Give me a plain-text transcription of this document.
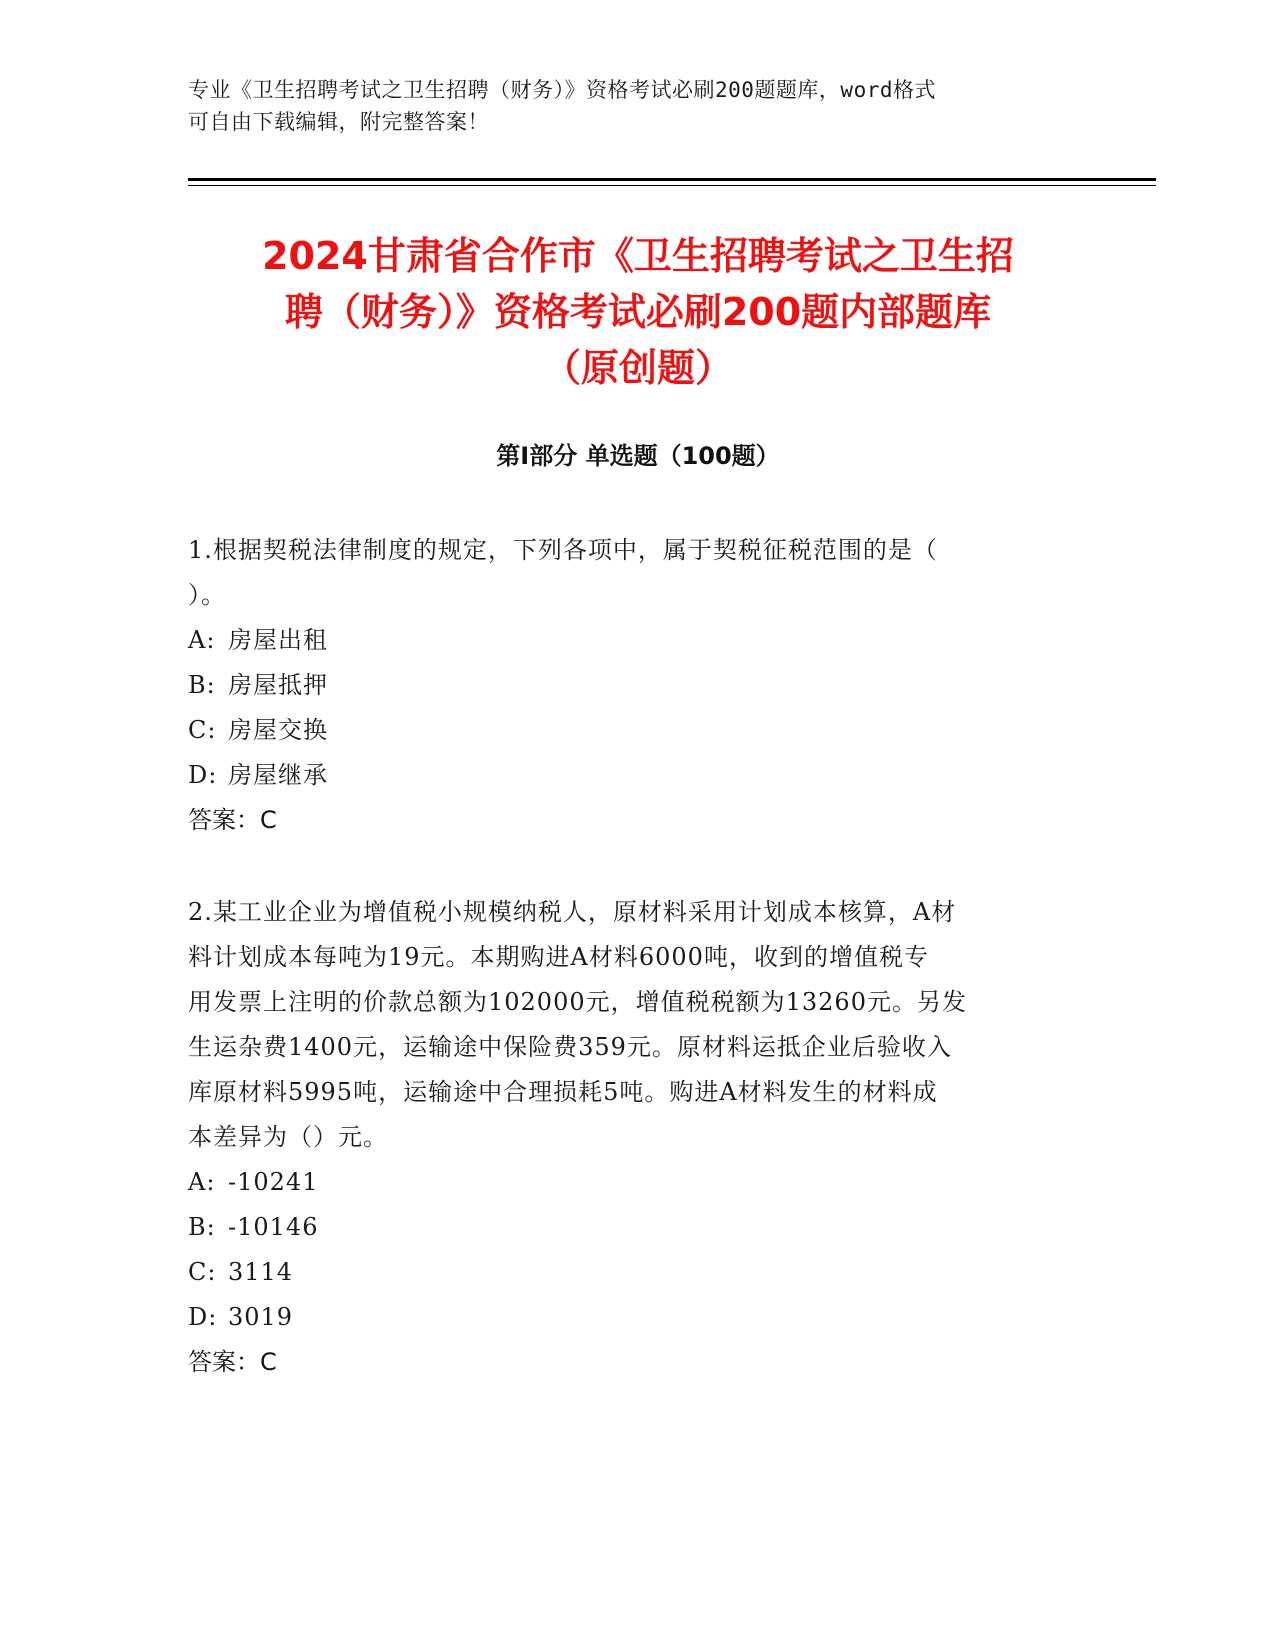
专业《卫生招聘考试之卫生招聘（财务）》资格考试必刷200题题库，word格式
可自由下载编辑，附完整答案！
2024甘肃省合作市《卫生招聘考试之卫生招
聘（财务）》资格考试必刷200题内部题库
（原创题）
第I部分 单选题（100题）

1.根据契税法律制度的规定，下列各项中，属于契税征税范围的是（

）。

A: 房屋出租

B: 房屋抵押

C: 房屋交换

D: 房屋继承

答案：C

2.某工业企业为增值税小规模纳税人，原材料采用计划成本核算，A材

料计划成本每吨为19元。本期购进A材料6000吨，收到的增值税专

用发票上注明的价款总额为102000元，增值税税额为13260元。另发

生运杂费1400元，运输途中保险费359元。原材料运抵企业后验收入

库原材料5995吨，运输途中合理损耗5吨。购进A材料发生的材料成

本差异为（）元。

A: -10241

B: -10146

C: 3114

D: 3019

答案：C
